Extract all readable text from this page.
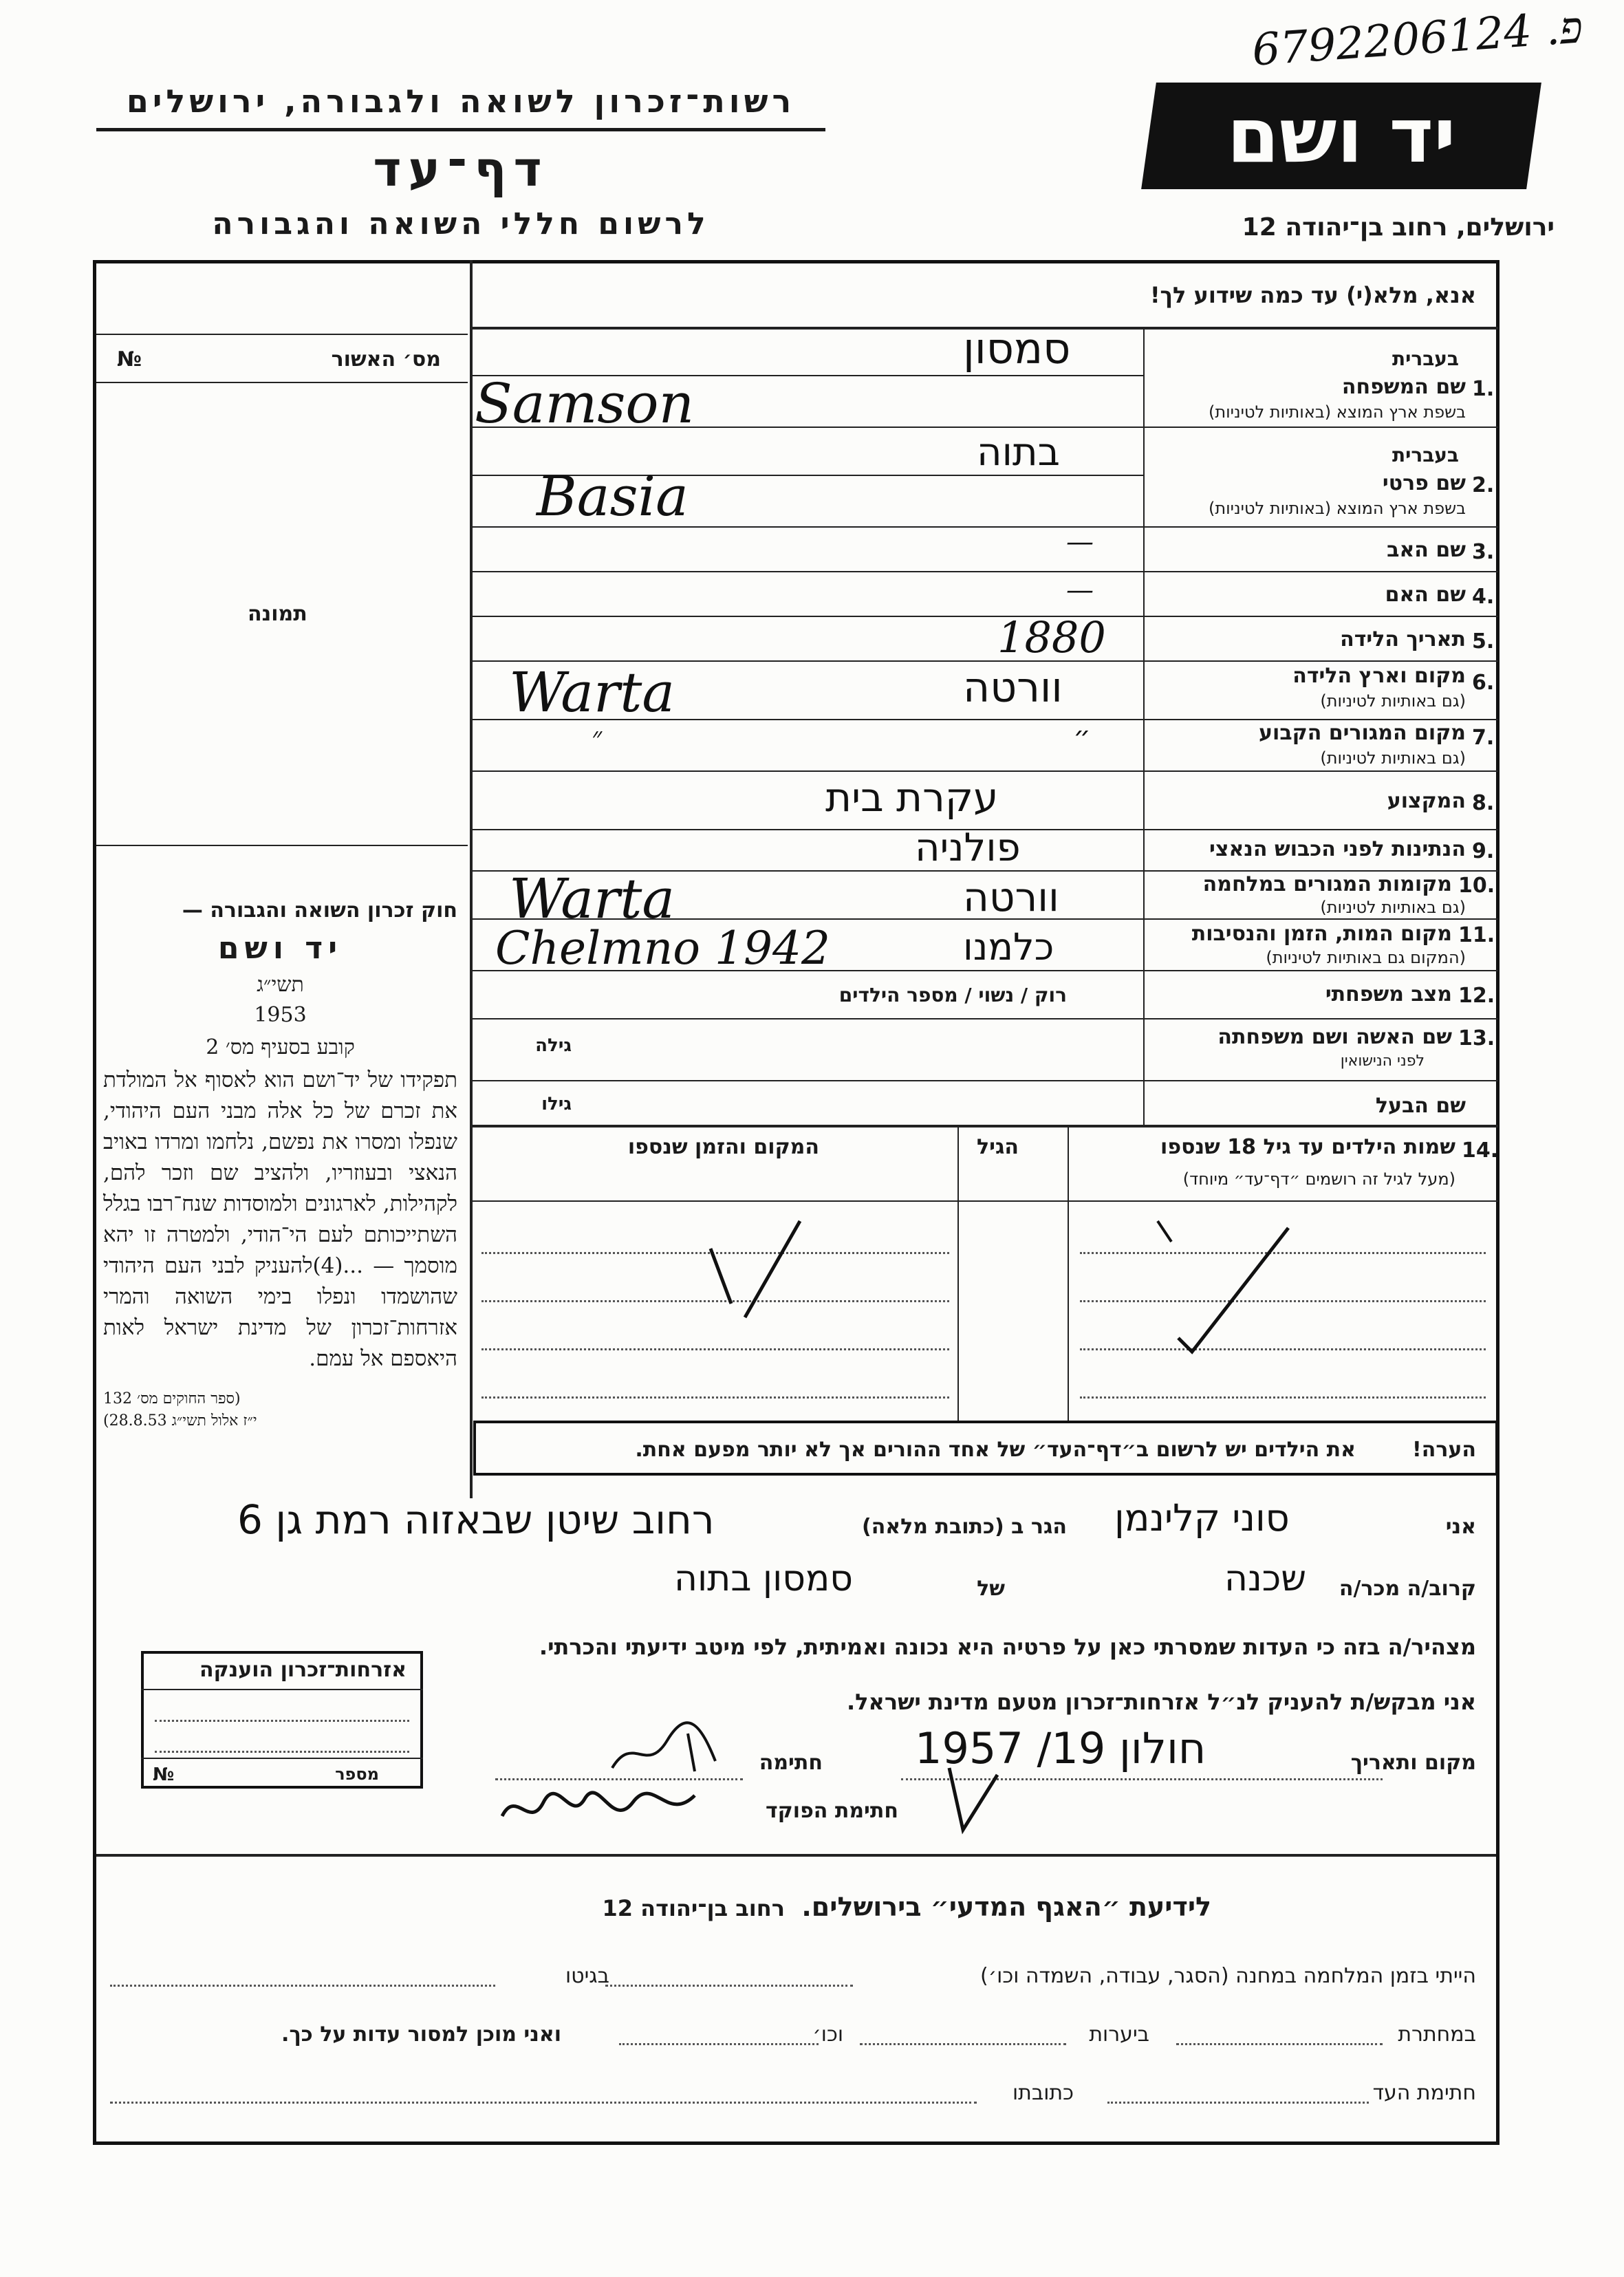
6792206124 .פ
רשות־זכרון לשואה ולגבורה, ירושלים
דף־עד
לרשום חללי השואה והגבורה
יד ושם
ירושלים, רחוב בן־יהודה 12
№	מס׳ האשור
תמונה

חוק זכרון השואה והגבורה —

יד ושם

תשי״ג

1953

קובע בסעיף מס׳ 2

תפקידו של יד־ושם הוא לאסוף אל המולדת את זכרם של כל אלה מבני העם היהודי, שנפלו ומסרו את נפשם, נלחמו ומרדו באויב הנאצי ובעוזריו, ולהציב שם וזכר להם, לקהילות, לארגונים ולמוסדות שנח־רבו בגלל השתייכותם לעם הי־הודי, ולמטרה זו יהא מוסמך — ...(4)להעניק לבני העם היהודי שהושמדו ונפלו בימי השואה והמרי אזרחות־זכרון של מדינת ישראל לאות היאספם אל עמם.

(ספר החוקים מס׳ 132

י״ז אלול תשי״ג 28.8.53)

אזרחות־זכרון הוענקה
מספר
№
אנא, מלא(י) עד כמה שידוע לך!
בעברית
1.
שם המשפחה
בשפת ארץ המוצא (באותיות לטיניות)
סמסון
Samson
בעברית
2.
שם פרטי
בשפת ארץ המוצא (באותיות לטיניות)
בתוה
Basia
3.
שם האב
—
4.
שם האם
—
5.
תאריך הלידה
1880
6.
מקום וארץ הלידה
(גם באותיות לטיניות)
וורטה
Warta
7.
מקום המגורים הקבוע
(גם באותיות לטיניות)
״
״
8.
המקצוע
עקרת בית
9.
הנתינות לפני הכבוש הנאצי
פולניה
10.
מקומות המגורים במלחמה
(גם באותיות לטיניות)
וורטה
Warta
11.
מקום המות, הזמן והנסיבות
(המקום גם באותיות לטיניות)
כלמנו
Chelmno 1942
12.
מצב משפחתי
רוק / נשוי / מספר הילדים
13.
שם האשה ושם משפחתה
לפני הנישואין
גילה
שם הבעל
גילו
14.
שמות הילדים עד גיל 18 שנספו
(מעל לגיל זה רושמים ״דף־עד״ מיוחד)
הגיל
המקום והזמן שנספו
הערה!
את הילדים יש לרשום ב״דף־העד״ של אחד ההורים אך לא יותר מפעם אחת.
אני
סוני קלינמן
הגר ב (כתובת מלאה)
רחוב שיטן שבאזוה רמת גן 6
קרוב/ה מכר/ה
שכנה
של
סמסון בתוה
מצהיר/ה בזה כי העדות שמסרתי כאן על פרטיה היא נכונה ואמיתית, לפי מיטב ידיעתי והכרתי.
אני מבקש/ת להעניק לנ״ל אזרחות־זכרון מטעם מדינת ישראל.
מקום ותאריך
חולון 19/ 1957
חתימה
חתימת הפוקד
לידיעת ״האגף המדעי״ בירושלים.
רחוב בן־יהודה 12
הייתי בזמן המלחמה במחנה (הסגר, עבודה, השמדה וכו׳)
בגיטו
במחתרת
ביערות
וכו׳
ואני מוכן למסור עדות על כך.
חתימת העד
כתובתו
